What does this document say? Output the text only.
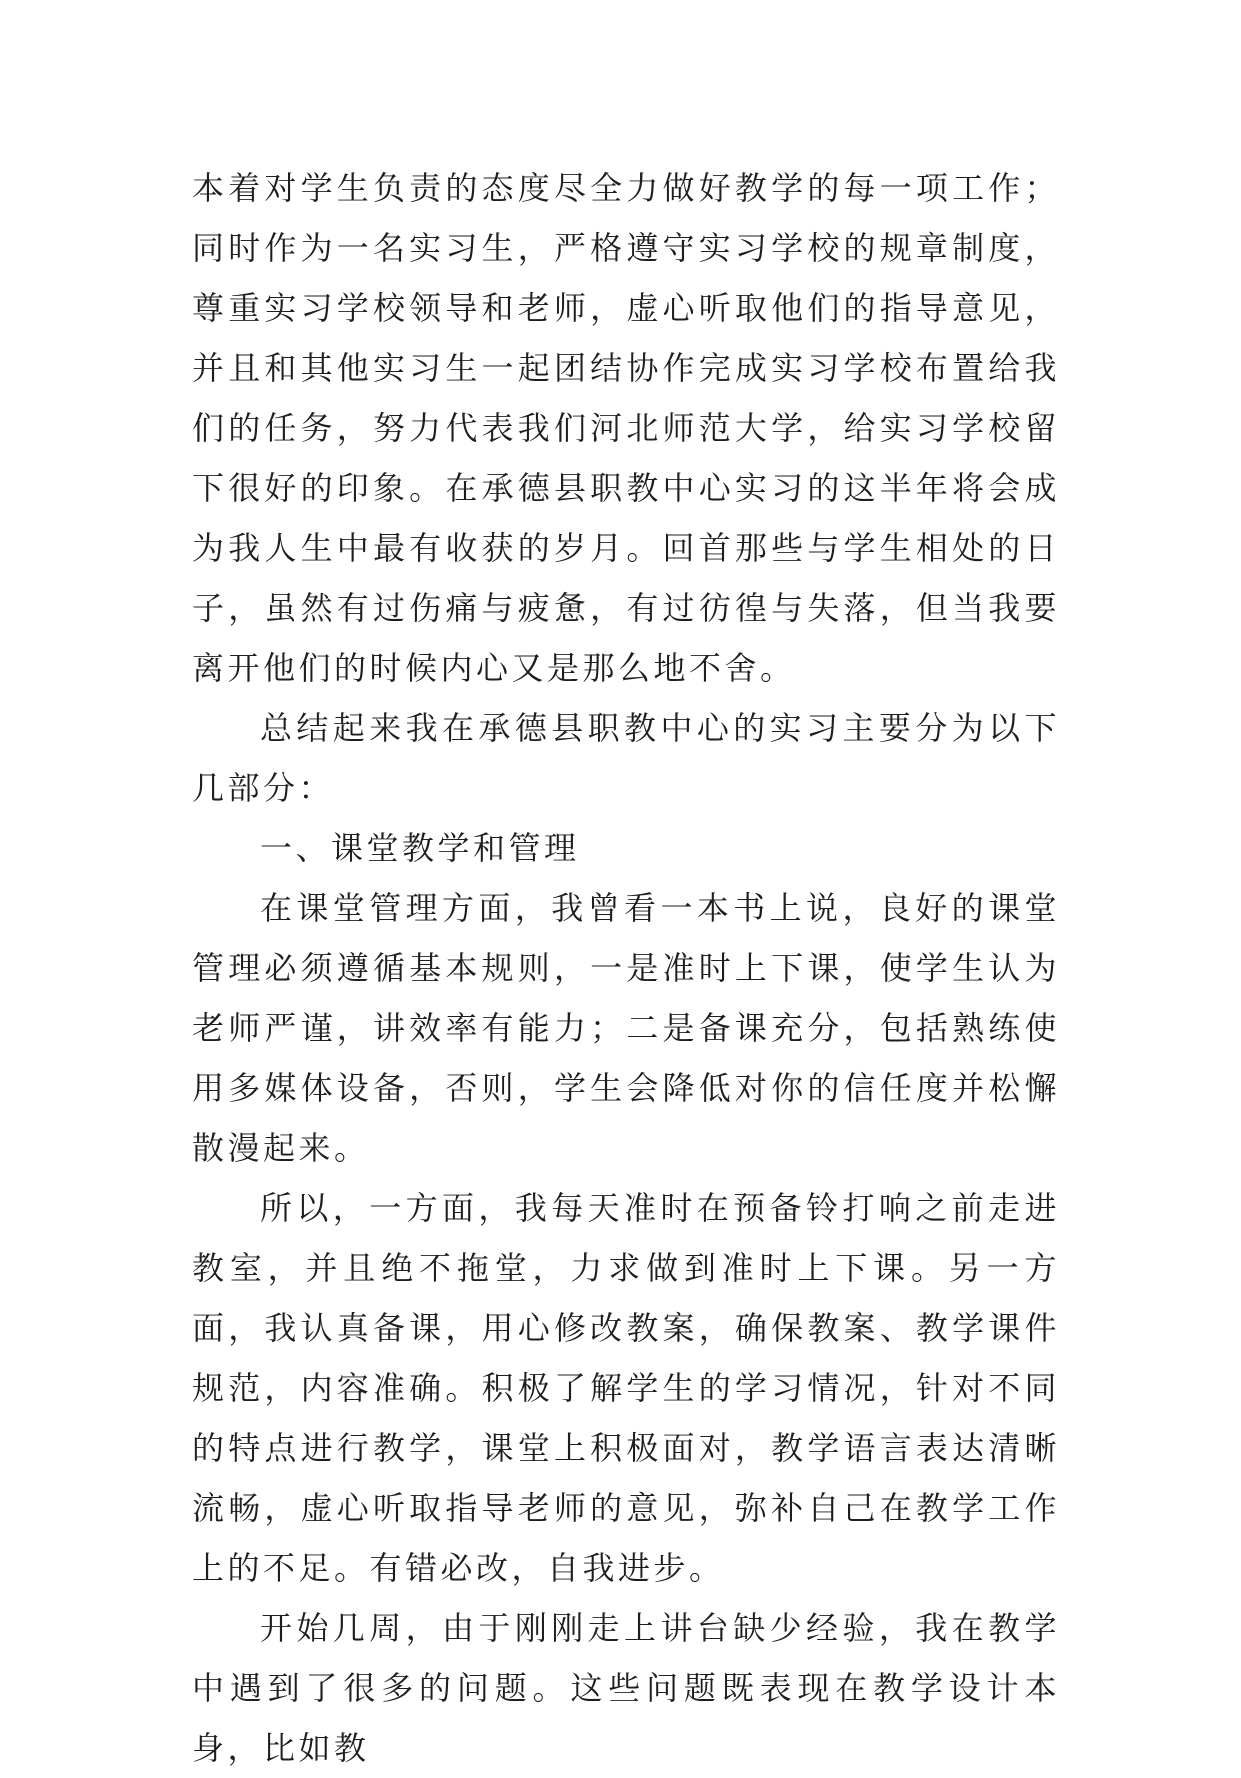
本着对学生负责的态度尽全力做好教学的每一项工作；同时作为一名实习生，严格遵守实习学校的规章制度，尊重实习学校领导和老师，虚心听取他们的指导意见，并且和其他实习生一起团结协作完成实习学校布置给我们的任务，努力代表我们河北师范大学，给实习学校留下很好的印象。在承德县职教中心实习的这半年将会成为我人生中最有收获的岁月。回首那些与学生相处的日子，虽然有过伤痛与疲惫，有过彷徨与失落，但当我要离开他们的时候内心又是那么地不舍。

总结起来我在承德县职教中心的实习主要分为以下几部分：

一、课堂教学和管理

在课堂管理方面，我曾看一本书上说，良好的课堂管理必须遵循基本规则，一是准时上下课，使学生认为老师严谨，讲效率有能力；二是备课充分，包括熟练使用多媒体设备，否则，学生会降低对你的信任度并松懈散漫起来。

所以，一方面，我每天准时在预备铃打响之前走进教室，并且绝不拖堂，力求做到准时上下课。另一方面，我认真备课，用心修改教案，确保教案、教学课件规范，内容准确。积极了解学生的学习情况，针对不同的特点进行教学，课堂上积极面对，教学语言表达清晰流畅，虚心听取指导老师的意见，弥补自己在教学工作上的不足。有错必改，自我进步。

开始几周，由于刚刚走上讲台缺少经验，我在教学中遇到了很多的问题。这些问题既表现在教学设计本身，比如教
